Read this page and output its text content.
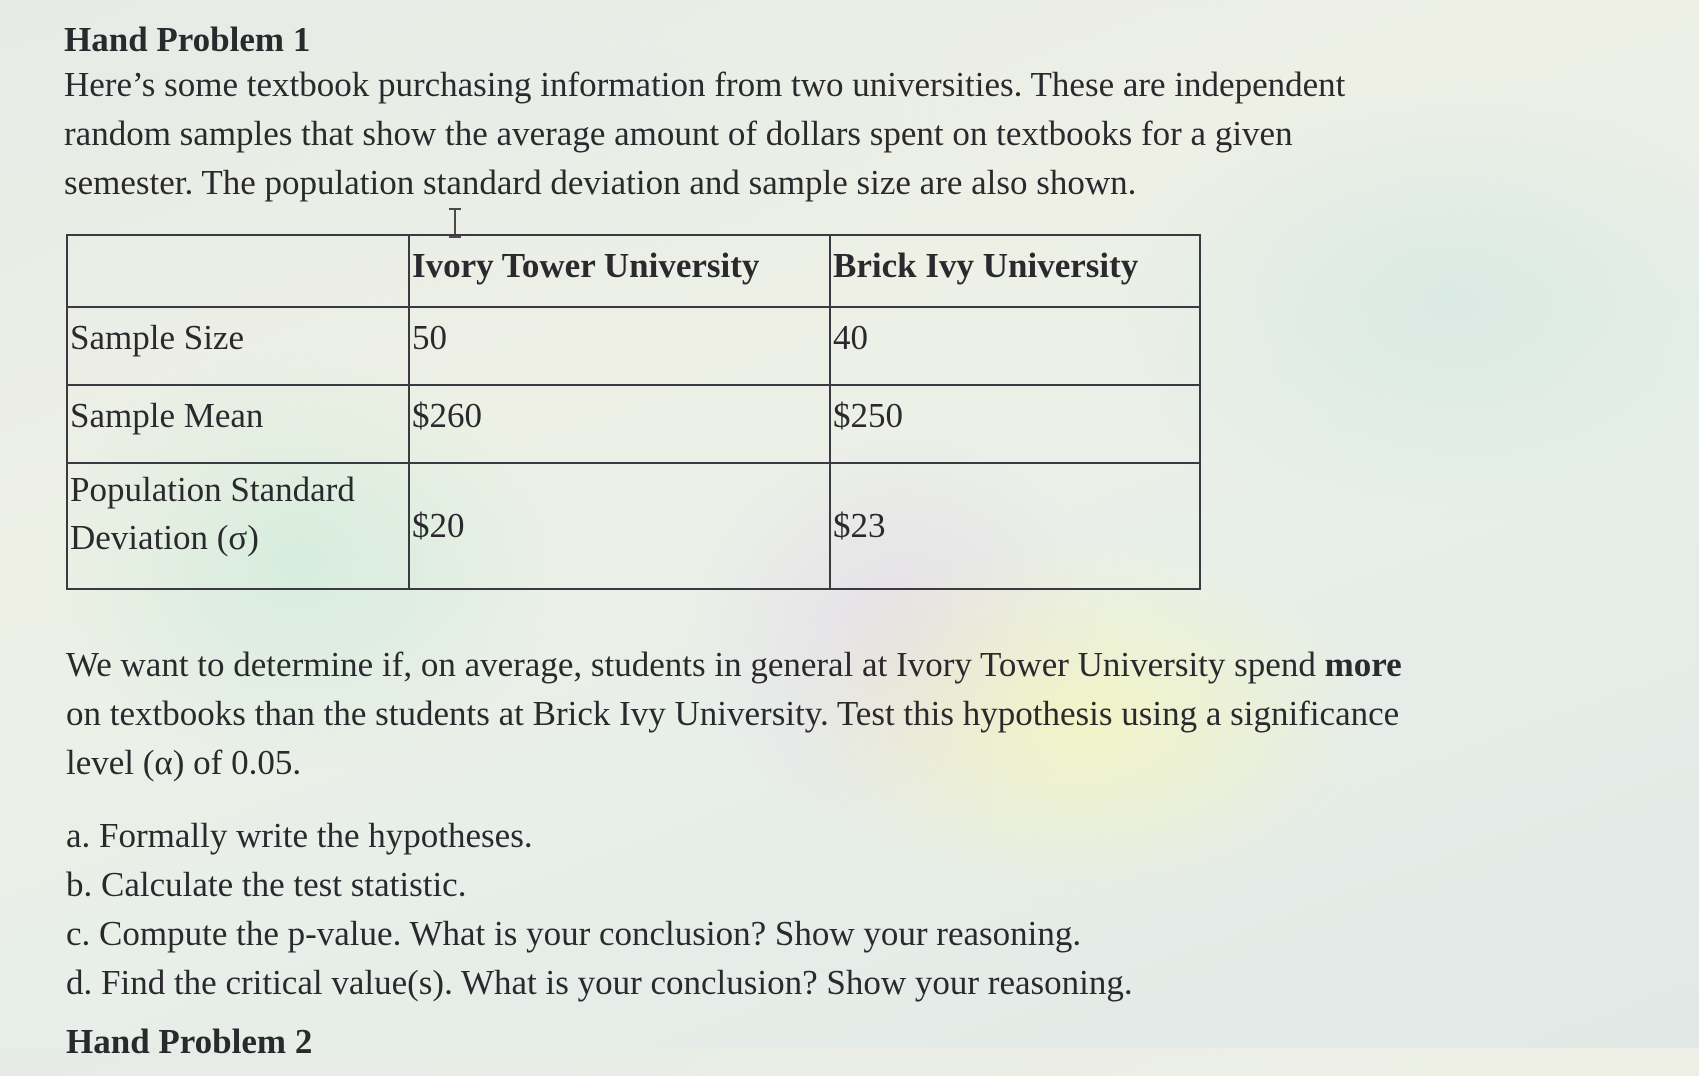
Hand Problem 1

Here’s some textbook purchasing information from two universities. These are independent
random samples that show the average amount of dollars spent on textbooks for a given
semester. The population standard deviation and sample size are also shown.

	Ivory Tower University	Brick Ivy University
Sample Size	50	40
Sample Mean	$260	$250
Population Standard
Deviation (σ)	$20	$23

We want to determine if, on average, students in general at Ivory Tower University spend more
on textbooks than the students at Brick Ivy University. Test this hypothesis using a significance
level (α) of 0.05.

a. Formally write the hypotheses.
b. Calculate the test statistic.
c. Compute the p-value. What is your conclusion? Show your reasoning.
d. Find the critical value(s). What is your conclusion? Show your reasoning.
Hand Problem 2
